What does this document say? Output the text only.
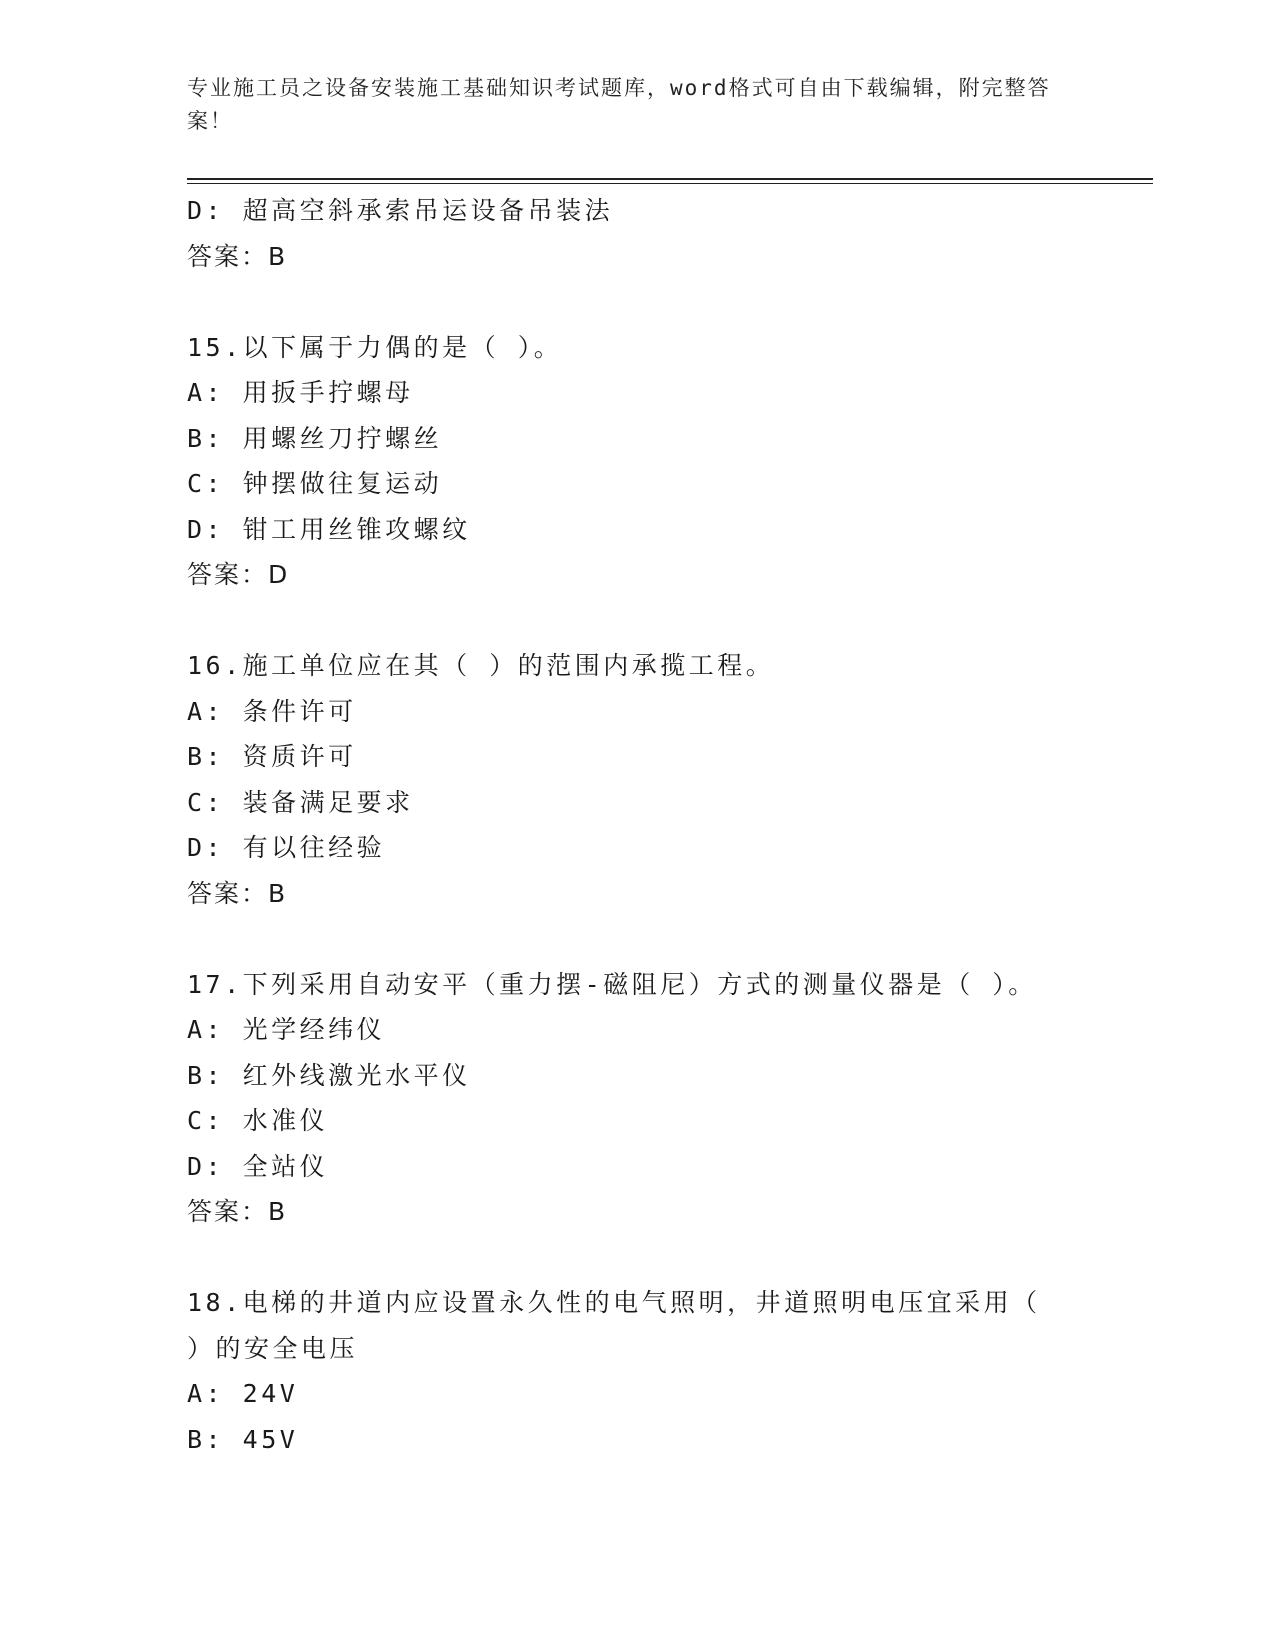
专业施工员之设备安装施工基础知识考试题库，word格式可自由下载编辑，附完整答案！
D: 超高空斜承索吊运设备吊装法
答案：B
15.以下属于力偶的是（ ）。
A: 用扳手拧螺母
B: 用螺丝刀拧螺丝
C: 钟摆做往复运动
D: 钳工用丝锥攻螺纹
答案：D
16.施工单位应在其（ ）的范围内承揽工程。
A: 条件许可
B: 资质许可
C: 装备满足要求
D: 有以往经验
答案：B
17.下列采用自动安平（重力摆-磁阻尼）方式的测量仪器是（ ）。
A: 光学经纬仪
B: 红外线激光水平仪
C: 水准仪
D: 全站仪
答案：B
18.电梯的井道内应设置永久性的电气照明，井道照明电压宜采用（ ）的安全电压
A: 24V
B: 45V
